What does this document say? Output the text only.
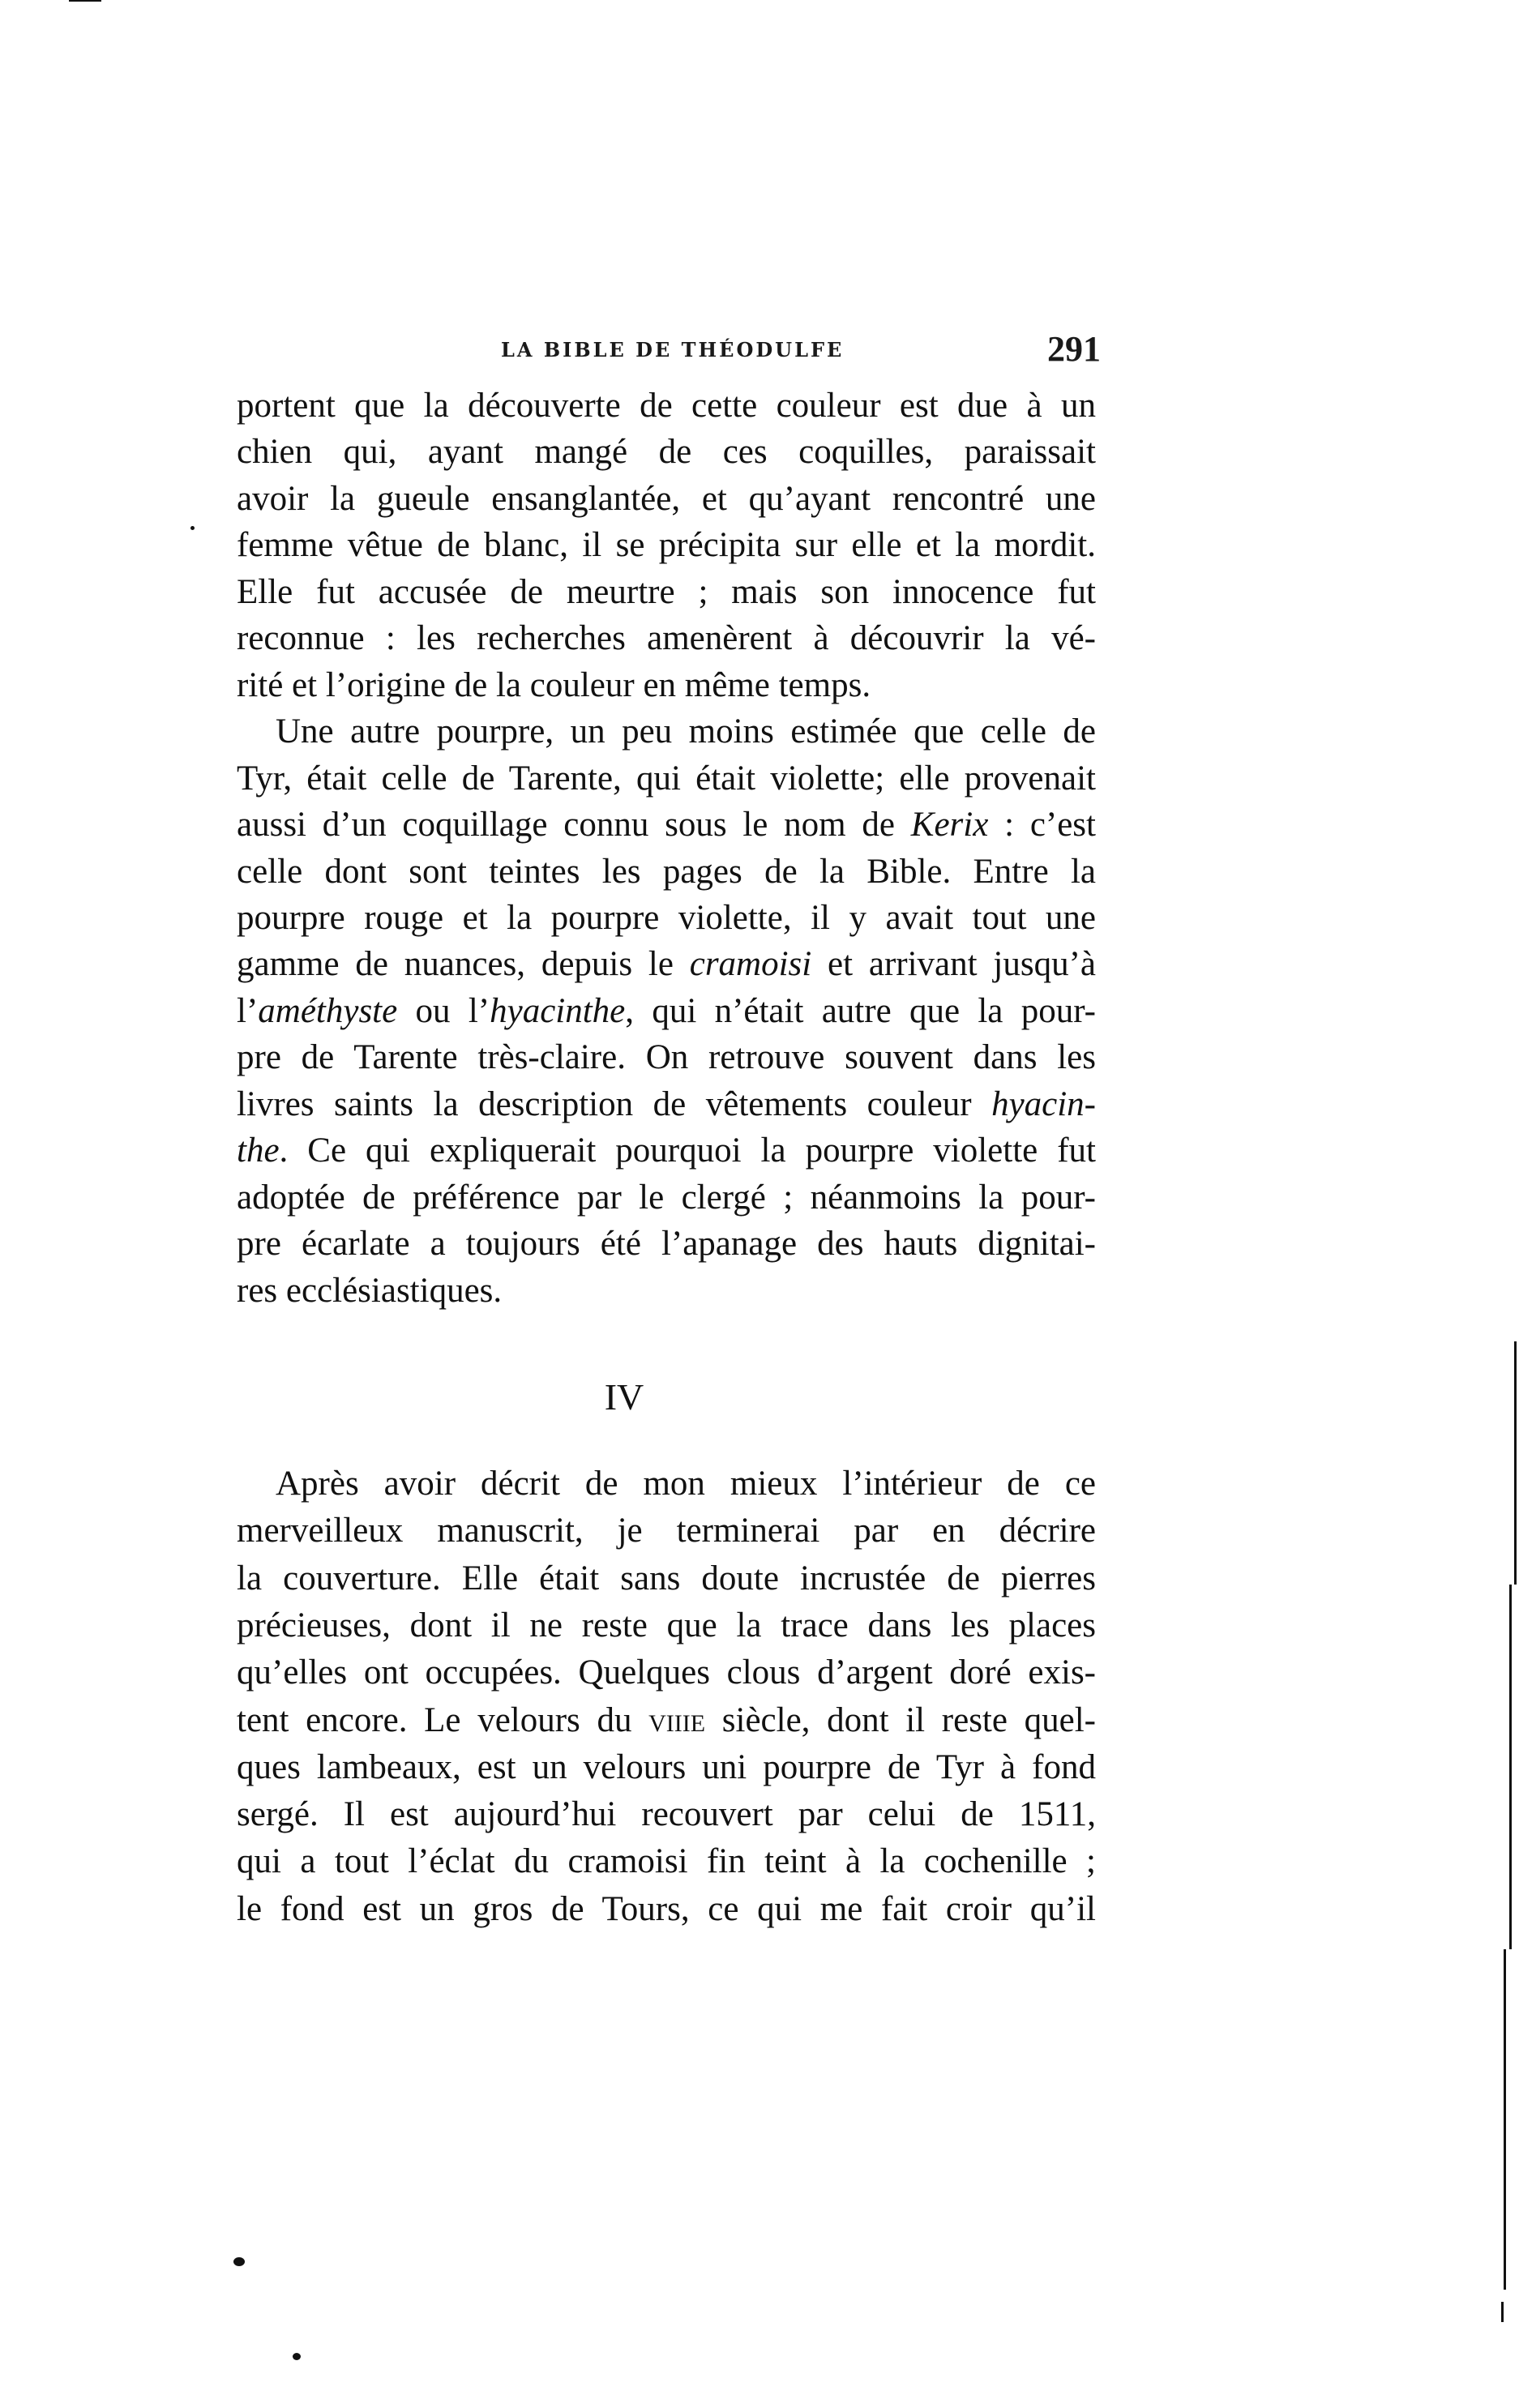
LA BIBLE DE THÉODULFE	291
portent que la découverte de cette couleur est due à un
chien qui, ayant mangé de ces coquilles, paraissait
avoir la gueule ensanglantée, et qu’ayant rencontré une
femme vêtue de blanc, il se précipita sur elle et la mordit.
Elle fut accusée de meurtre ; mais son innocence fut
reconnue : les recherches amenèrent à découvrir la vé-
rité et l’origine de la couleur en même temps.
Une autre pourpre, un peu moins estimée que celle de
Tyr, était celle de Tarente, qui était violette; elle provenait
aussi d’un coquillage connu sous le nom de Kerix : c’est
celle dont sont teintes les pages de la Bible. Entre la
pourpre rouge et la pourpre violette, il y avait tout une
gamme de nuances, depuis le cramoisi et arrivant jusqu’à
l’améthyste ou l’hyacinthe, qui n’était autre que la pour-
pre de Tarente très-claire. On retrouve souvent dans les
livres saints la description de vêtements couleur hyacin-
the. Ce qui expliquerait pourquoi la pourpre violette fut
adoptée de préférence par le clergé ; néanmoins la pour-
pre écarlate a toujours été l’apanage des hauts dignitai-
res ecclésiastiques.
IV
Après avoir décrit de mon mieux l’intérieur de ce
merveilleux manuscrit, je terminerai par en décrire
la couverture. Elle était sans doute incrustée de pierres
précieuses, dont il ne reste que la trace dans les places
qu’elles ont occupées. Quelques clous d’argent doré exis-
tent encore. Le velours du viiie siècle, dont il reste quel-
ques lambeaux, est un velours uni pourpre de Tyr à fond
sergé. Il est aujourd’hui recouvert par celui de 1511,
qui a tout l’éclat du cramoisi fin teint à la cochenille ;
le fond est un gros de Tours, ce qui me fait croir qu’il
